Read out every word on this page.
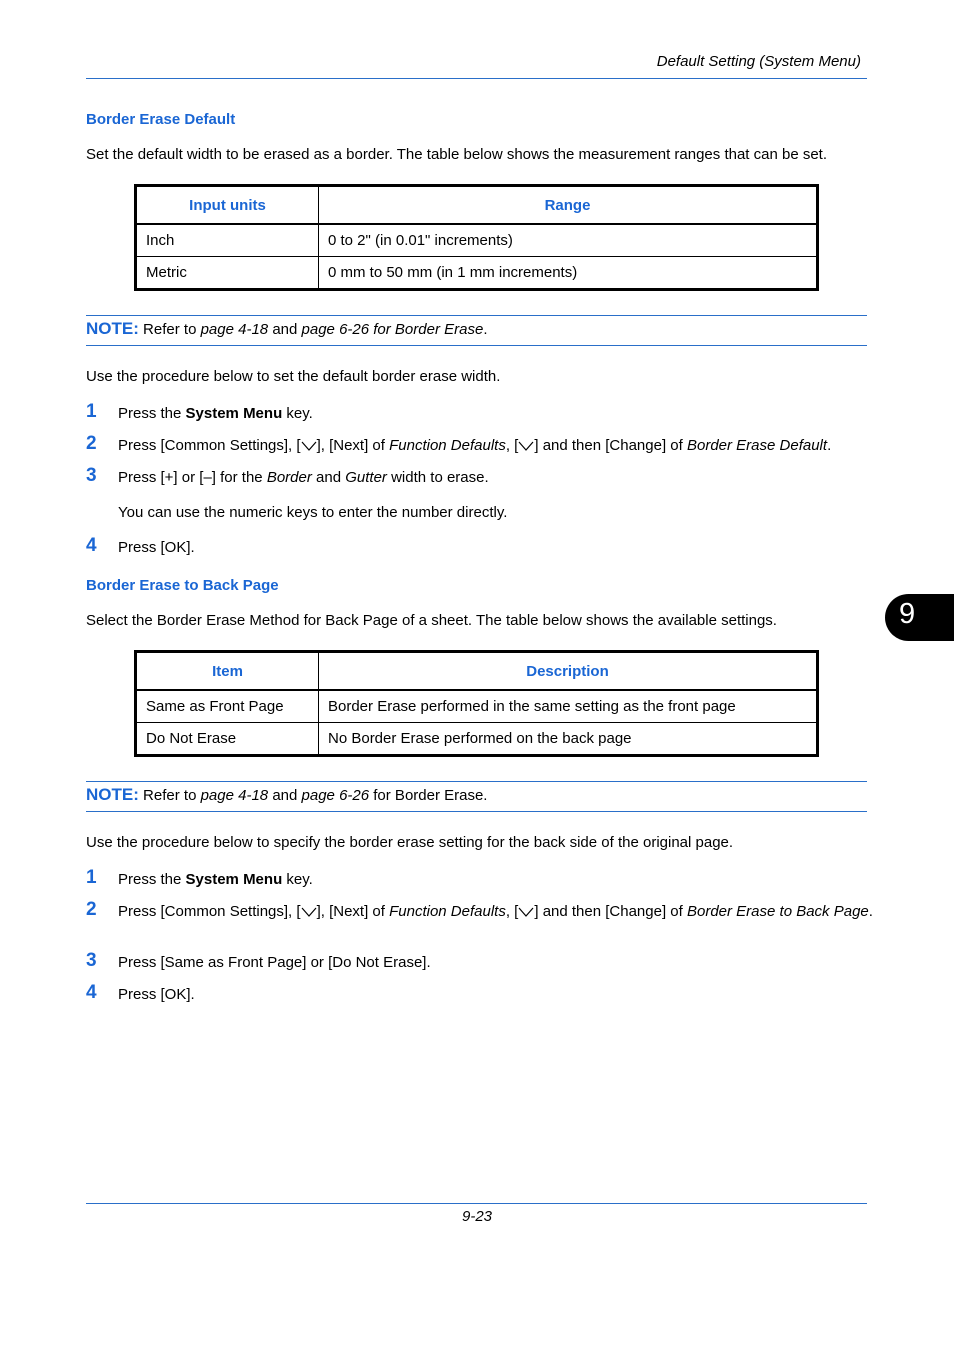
Default Setting (System Menu)
9
Border Erase Default
Set the default width to be erased as a border. The table below shows the measurement ranges that can be set.
Input units	Range
Inch	0 to 2" (in 0.01" increments)
Metric	0 mm to 50 mm (in 1 mm increments)
NOTE: Refer to page 4-18 and page 6-26 for Border Erase.
Use the procedure below to set the default border erase width.
1 Press the System Menu key.
2 Press [Common Settings], [ ], [Next] of Function Defaults, [ ] and then [Change] of Border Erase Default.
3 Press [+] or [–] for the Border and Gutter width to erase.
You can use the numeric keys to enter the number directly.
4 Press [OK].
Border Erase to Back Page
Select the Border Erase Method for Back Page of a sheet. The table below shows the available settings.
Item	Description
Same as Front Page	Border Erase performed in the same setting as the front page
Do Not Erase	No Border Erase performed on the back page
NOTE: Refer to page 4-18 and page 6-26 for Border Erase.
Use the procedure below to specify the border erase setting for the back side of the original page.
1 Press the System Menu key.
2 Press [Common Settings], [ ], [Next] of Function Defaults, [ ] and then [Change] of Border Erase to Back Page.
3 Press [Same as Front Page] or [Do Not Erase].
4 Press [OK].
9-23
